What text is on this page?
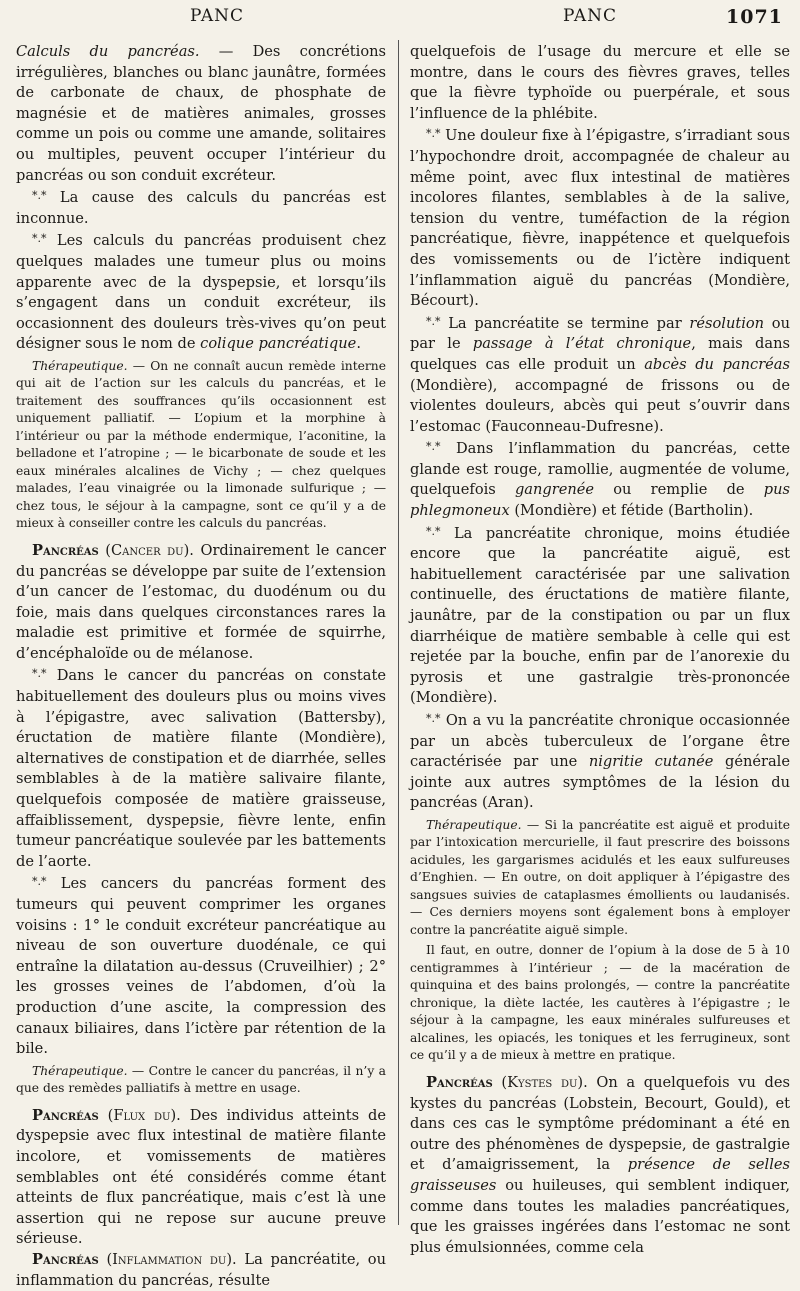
PANC	PANC	1071

Calculs du pancréas. — Des concrétions irrégulières, blanches ou blanc jaunâtre, formées de carbonate de chaux, de phosphate de magnésie et de matières animales, grosses comme un pois ou comme une amande, solitaires ou multiples, peuvent occuper l’intérieur du pancréas ou son conduit excréteur.

*.* La cause des calculs du pancréas est inconnue.

*.* Les calculs du pancréas produisent chez quelques malades une tumeur plus ou moins apparente avec de la dyspepsie, et lorsqu’ils s’engagent dans un conduit excréteur, ils occasionnent des douleurs très-vives qu’on peut désigner sous le nom de colique pancréatique.

Thérapeutique. — On ne connaît aucun remède interne qui ait de l’action sur les calculs du pancréas, et le traitement des souffrances qu’ils occasionnent est uniquement palliatif. — L’opium et la morphine à l’intérieur ou par la méthode endermique, l’aconitine, la belladone et l’atropine ; — le bicarbonate de soude et les eaux minérales alcalines de Vichy ; — chez quelques malades, l’eau vinaigrée ou la limonade sulfurique ; — chez tous, le séjour à la campagne, sont ce qu’il y a de mieux à conseiller contre les calculs du pancréas.

Pancréas (Cancer du). Ordinairement le cancer du pancréas se développe par suite de l’extension d’un cancer de l’estomac, du duodénum ou du foie, mais dans quelques circonstances rares la maladie est primitive et formée de squirrhe, d’encéphaloïde ou de mélanose.

*.* Dans le cancer du pancréas on constate habituellement des douleurs plus ou moins vives à l’épigastre, avec salivation (Battersby), éructation de matière filante (Mondière), alternatives de constipation et de diarrhée, selles semblables à de la matière salivaire filante, quelquefois composée de matière graisseuse, affaiblissement, dyspepsie, fièvre lente, enfin tumeur pancréatique soulevée par les battements de l’aorte.

*.* Les cancers du pancréas forment des tumeurs qui peuvent comprimer les organes voisins : 1° le conduit excréteur pancréatique au niveau de son ouverture duodénale, ce qui entraîne la dilatation au-dessus (Cruveilhier) ; 2° les grosses veines de l’abdomen, d’où la production d’une ascite, la compression des canaux biliaires, dans l’ictère par rétention de la bile.

Thérapeutique. — Contre le cancer du pancréas, il n’y a que des remèdes palliatifs à mettre en usage.

Pancréas (Flux du). Des individus atteints de dyspepsie avec flux intestinal de matière filante incolore, et vomissements de matières semblables ont été considérés comme étant atteints de flux pancréatique, mais c’est là une assertion qui ne repose sur aucune preuve sérieuse.

Pancréas (Inflammation du). La pancréatite, ou inflammation du pancréas, résulte

quelquefois de l’usage du mercure et elle se montre, dans le cours des fièvres graves, telles que la fièvre typhoïde ou puerpérale, et sous l’influence de la phlébite.

*.* Une douleur fixe à l’épigastre, s’irradiant sous l’hypochondre droit, accompagnée de chaleur au même point, avec flux intestinal de matières incolores filantes, semblables à de la salive, tension du ventre, tuméfaction de la région pancréatique, fièvre, inappétence et quelquefois des vomissements ou de l’ictère indiquent l’inflammation aiguë du pancréas (Mondière, Bécourt).

*.* La pancréatite se termine par résolution ou par le passage à l’état chronique, mais dans quelques cas elle produit un abcès du pancréas (Mondière), accompagné de frissons ou de violentes douleurs, abcès qui peut s’ouvrir dans l’estomac (Fauconneau-Dufresne).

*.* Dans l’inflammation du pancréas, cette glande est rouge, ramollie, augmentée de volume, quelquefois gangrenée ou remplie de pus phlegmoneux (Mondière) et fétide (Bartholin).

*.* La pancréatite chronique, moins étudiée encore que la pancréatite aiguë, est habituellement caractérisée par une salivation continuelle, des éructations de matière filante, jaunâtre, par de la constipation ou par un flux diarrhéique de matière sembable à celle qui est rejetée par la bouche, enfin par de l’anorexie du pyrosis et une gastralgie très-prononcée (Mondière).

*.* On a vu la pancréatite chronique occasionnée par un abcès tuberculeux de l’organe être caractérisée par une nigritie cutanée générale jointe aux autres symptômes de la lésion du pancréas (Aran).

Thérapeutique. — Si la pancréatite est aiguë et produite par l’intoxication mercurielle, il faut prescrire des boissons acidules, les gargarismes acidulés et les eaux sulfureuses d’Enghien. — En outre, on doit appliquer à l’épigastre des sangsues suivies de cataplasmes émollients ou laudanisés. — Ces derniers moyens sont également bons à employer contre la pancréatite aiguë simple.

Il faut, en outre, donner de l’opium à la dose de 5 à 10 centigrammes à l’intérieur ; — de la macération de quinquina et des bains prolongés, — contre la pancréatite chronique, la diète lactée, les cautères à l’épigastre ; le séjour à la campagne, les eaux minérales sulfureuses et alcalines, les opiacés, les toniques et les ferrugineux, sont ce qu’il y a de mieux à mettre en pratique.

Pancréas (Kystes du). On a quelquefois vu des kystes du pancréas (Lobstein, Becourt, Gould), et dans ces cas le symptôme prédominant a été en outre des phénomènes de dyspepsie, de gastralgie et d’amaigrissement, la présence de selles graisseuses ou huileuses, qui semblent indiquer, comme dans toutes les maladies pancréatiques, que les graisses ingérées dans l’estomac ne sont plus émulsionnées, comme cela
